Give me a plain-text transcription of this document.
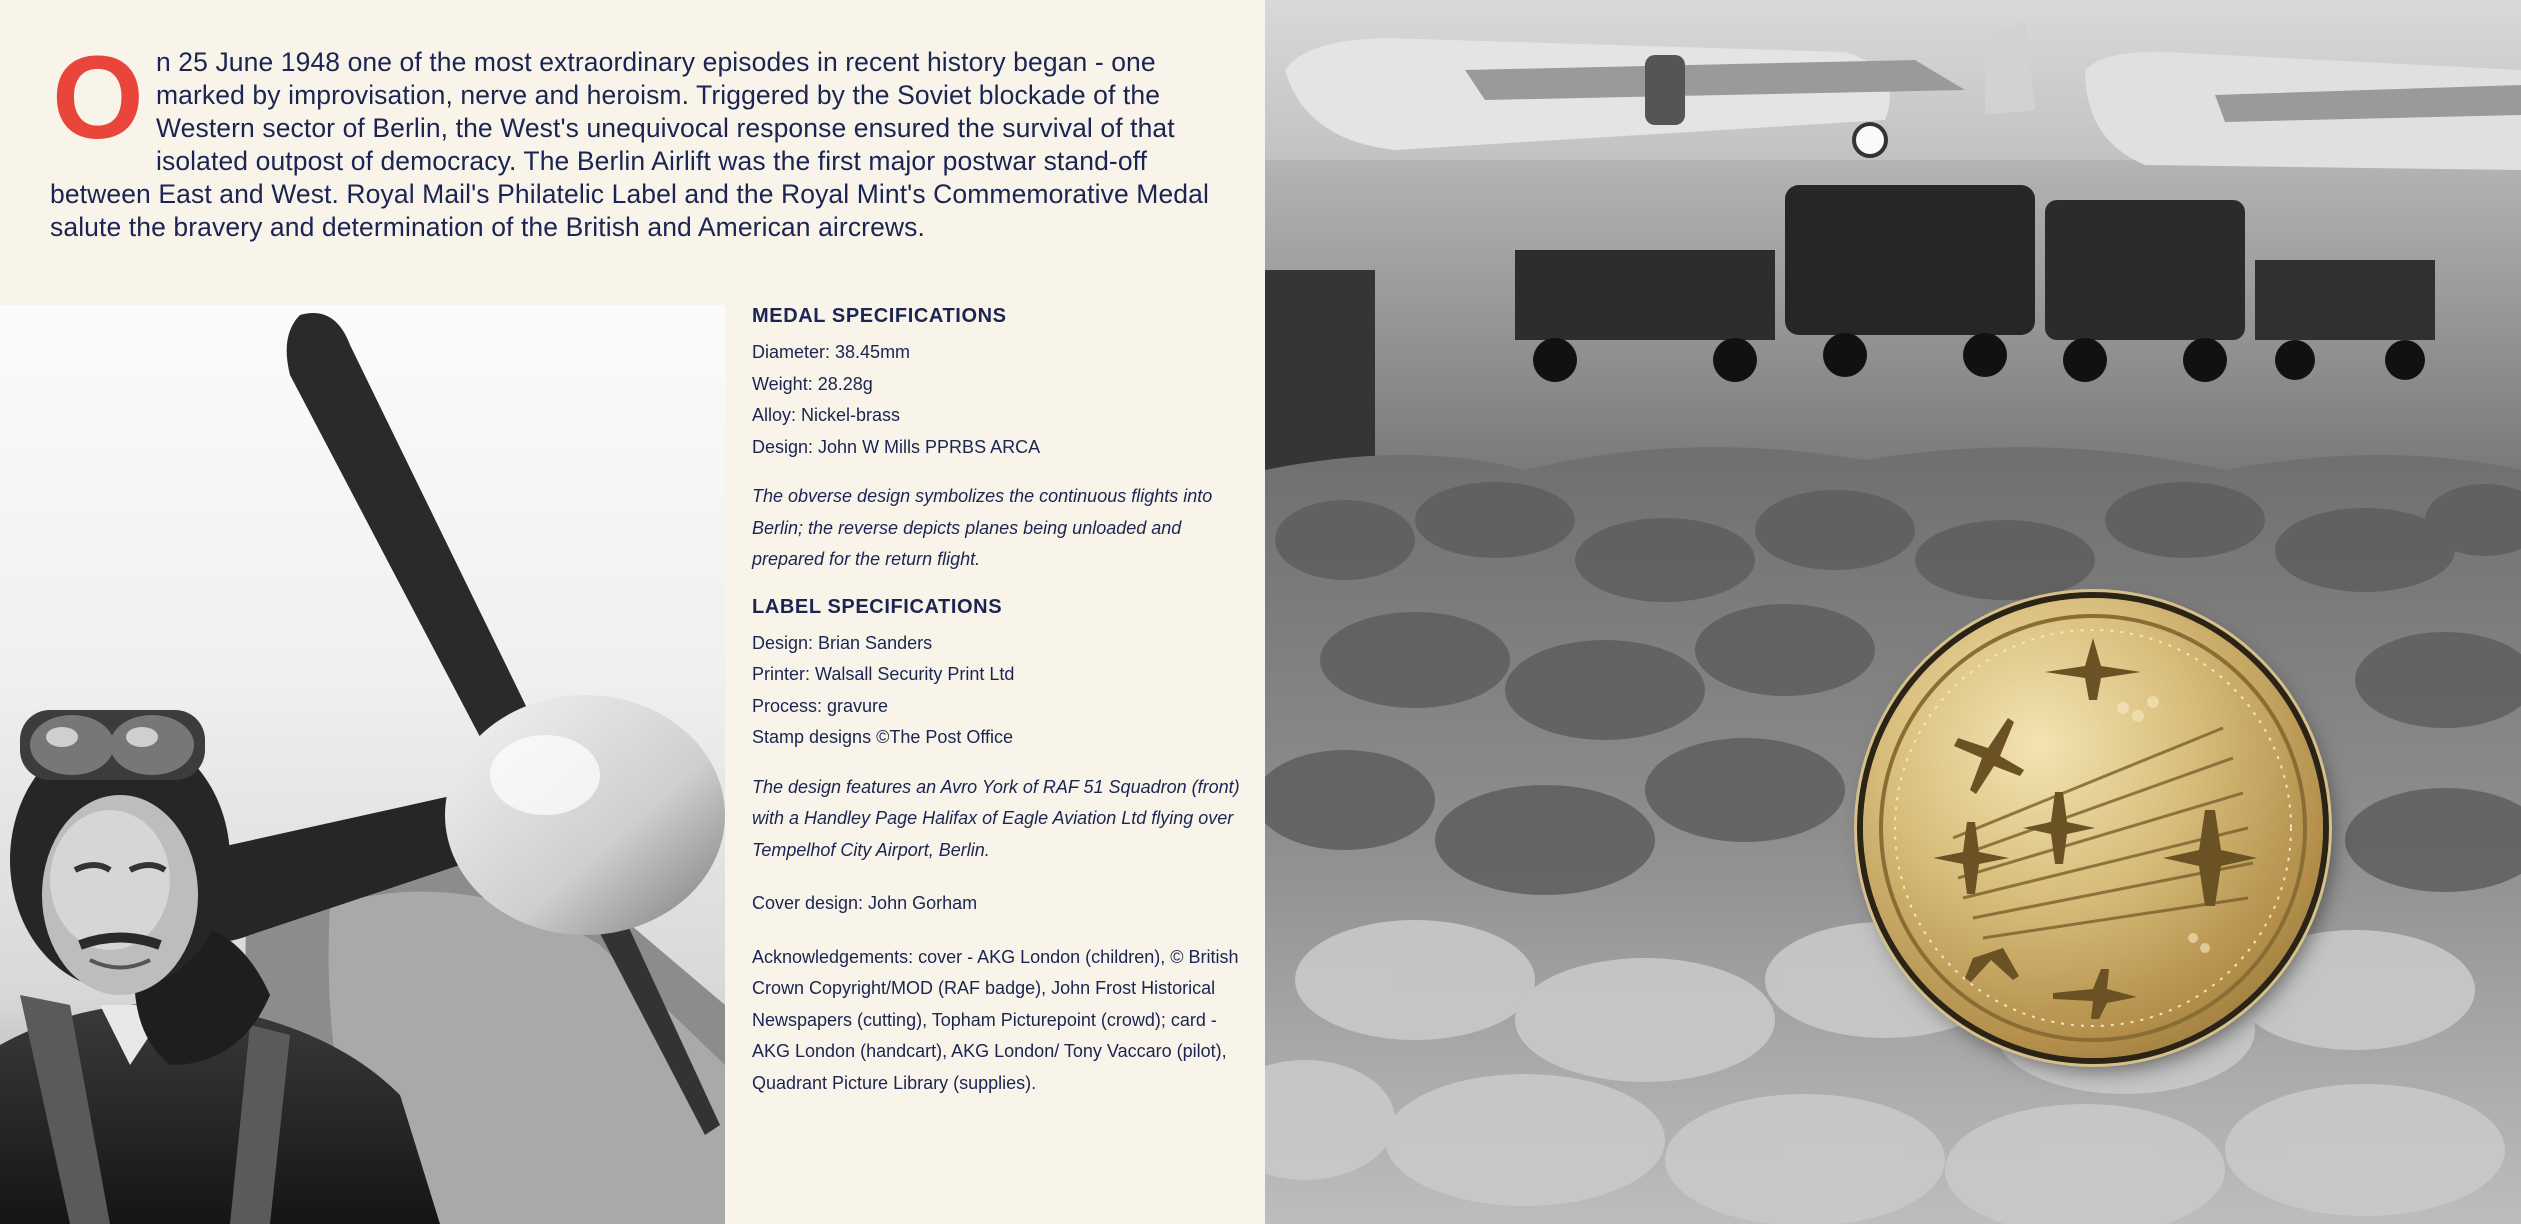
O n 25 June 1948 one of the most extraordinary episodes in recent history began - one marked by improvisation, nerve and heroism. Triggered by the Soviet blockade of the Western sector of Berlin, the West's unequivocal response ensured the survival of that isolated outpost of democracy. The Berlin Airlift was the first major postwar stand-off between East and West. Royal Mail's Philatelic Label and the Royal Mint's Commemorative Medal salute the bravery and determination of the British and American aircrews.
MEDAL SPECIFICATIONS
Diameter: 38.45mm
Weight: 28.28g
Alloy: Nickel-brass
Design: John W Mills PPRBS ARCA
The obverse design symbolizes the continuous flights into Berlin; the reverse depicts planes being unloaded and prepared for the return flight.
LABEL SPECIFICATIONS
Design: Brian Sanders
Printer: Walsall Security Print Ltd
Process: gravure
Stamp designs ©The Post Office
The design features an Avro York of RAF 51 Squadron (front) with a Handley Page Halifax of Eagle Aviation Ltd flying over Tempelhof City Airport, Berlin.
Cover design: John Gorham
Acknowledgements: cover - AKG London (children), © British Crown Copyright/MOD (RAF badge), John Frost Historical Newspapers (cutting), Topham Picturepoint (crowd); card - AKG London (handcart), AKG London/ Tony Vaccaro (pilot), Quadrant Picture Library (supplies).
